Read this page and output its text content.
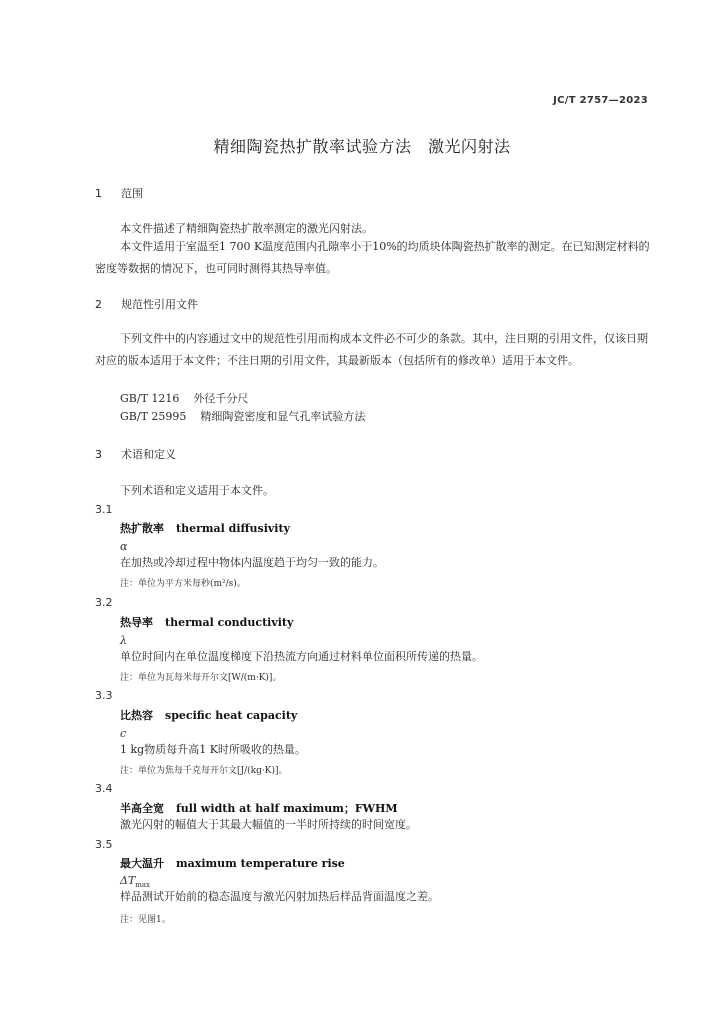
JC/T 2757—2023
精细陶瓷热扩散率试验方法　激光闪射法
1 范围
本文件描述了精细陶瓷热扩散率测定的激光闪射法。
本文件适用于室温至1 700 K温度范围内孔隙率小于10%的均质块体陶瓷热扩散率的测定。在已知测定材料的密度等数据的情况下，也可同时测得其热导率值。
2 规范性引用文件
下列文件中的内容通过文中的规范性引用而构成本文件必不可少的条款。其中，注日期的引用文件，仅该日期对应的版本适用于本文件；不注日期的引用文件，其最新版本（包括所有的修改单）适用于本文件。
GB/T 1216 外径千分尺
GB/T 25995 精细陶瓷密度和显气孔率试验方法
3 术语和定义
下列术语和定义适用于本文件。
3.1
热扩散率 thermal diffusivity
α
在加热或冷却过程中物体内温度趋于均匀一致的能力。
注：单位为平方米每秒(m²/s)。
3.2
热导率 thermal conductivity
λ
单位时间内在单位温度梯度下沿热流方向通过材料单位面积所传递的热量。
注：单位为瓦每米每开尔文[W/(m·K)]。
3.3
比热容 specific heat capacity
c
1 kg物质每升高1 K时所吸收的热量。
注：单位为焦每千克每开尔文[J/(kg·K)]。
3.4
半高全宽 full width at half maximum；FWHM
激光闪射的幅值大于其最大幅值的一半时所持续的时间宽度。
3.5
最大温升 maximum temperature rise
$\Delta T_{max}$
样品测试开始前的稳态温度与激光闪射加热后样品背面温度之差。
注：见图1。
